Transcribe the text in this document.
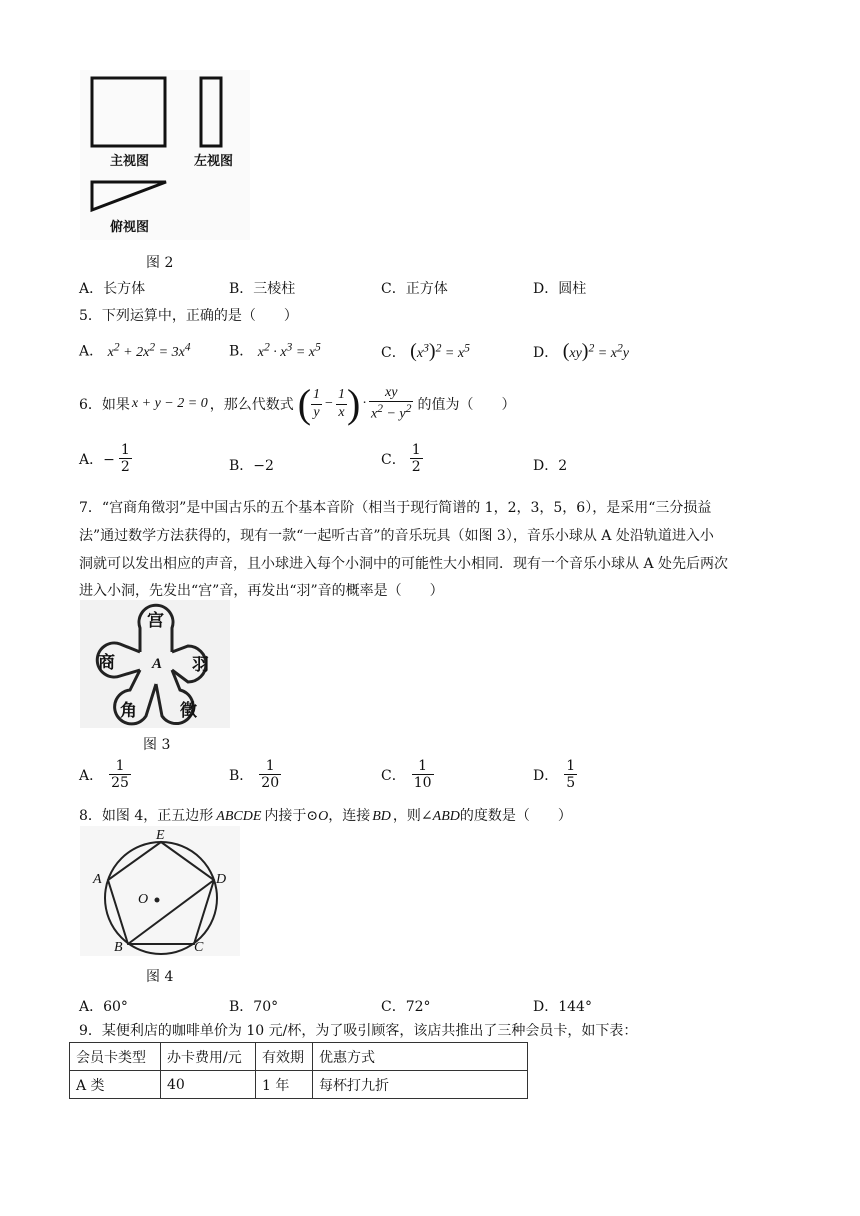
主视图	左视图
俯视图
图 2
A．长方体	B．三棱柱	C．正方体	D．圆柱
5．下列运算中，正确的是（　　）
A． $x^2 + 2x^2 = 3x^4$	B． $x^2 \cdot x^3 = x^5$	C． $(x^3)^2 = x^5$	D． $(xy)^2 = x^2y$
6．如果 x + y − 2 = 0 ，那么代数式 ( $\frac{1}{y} - \frac{1}{x}$ ) · $\frac{xy}{x^2 - y^2}$ 的值为（　　）
A．− $\frac{1}{2}$	B．−2	C． $\frac{1}{2}$	D．2
7．“宫商角徵羽”是中国古乐的五个基本音阶（相当于现行简谱的 1，2，3，5，6），是采用“三分损益
法”通过数学方法获得的，现有一款“一起听古音”的音乐玩具（如图 3），音乐小球从 A 处沿轨道进入小
洞就可以发出相应的声音，且小球进入每个小洞中的可能性大小相同．现有一个音乐小球从 A 处先后两次
进入小洞，先发出“宫”音，再发出“羽”音的概率是（　　）
宫
商	羽
角	徵
A
图 3
A． $\frac{1}{25}$	B． $\frac{1}{20}$	C． $\frac{1}{10}$	D． $\frac{1}{5}$
8．如图 4，正五边形 ABCDE 内接于⊙O，连接 BD ，则∠ABD的度数是（　　）
E
A	D
O
B	C
图 4
A．60°	B．70°	C．72°	D．144°
9．某便利店的咖啡单价为 10 元/杯，为了吸引顾客，该店共推出了三种会员卡，如下表：
会员卡类型	办卡费用/元	有效期	优惠方式
A 类	40	1 年	每杯打九折
